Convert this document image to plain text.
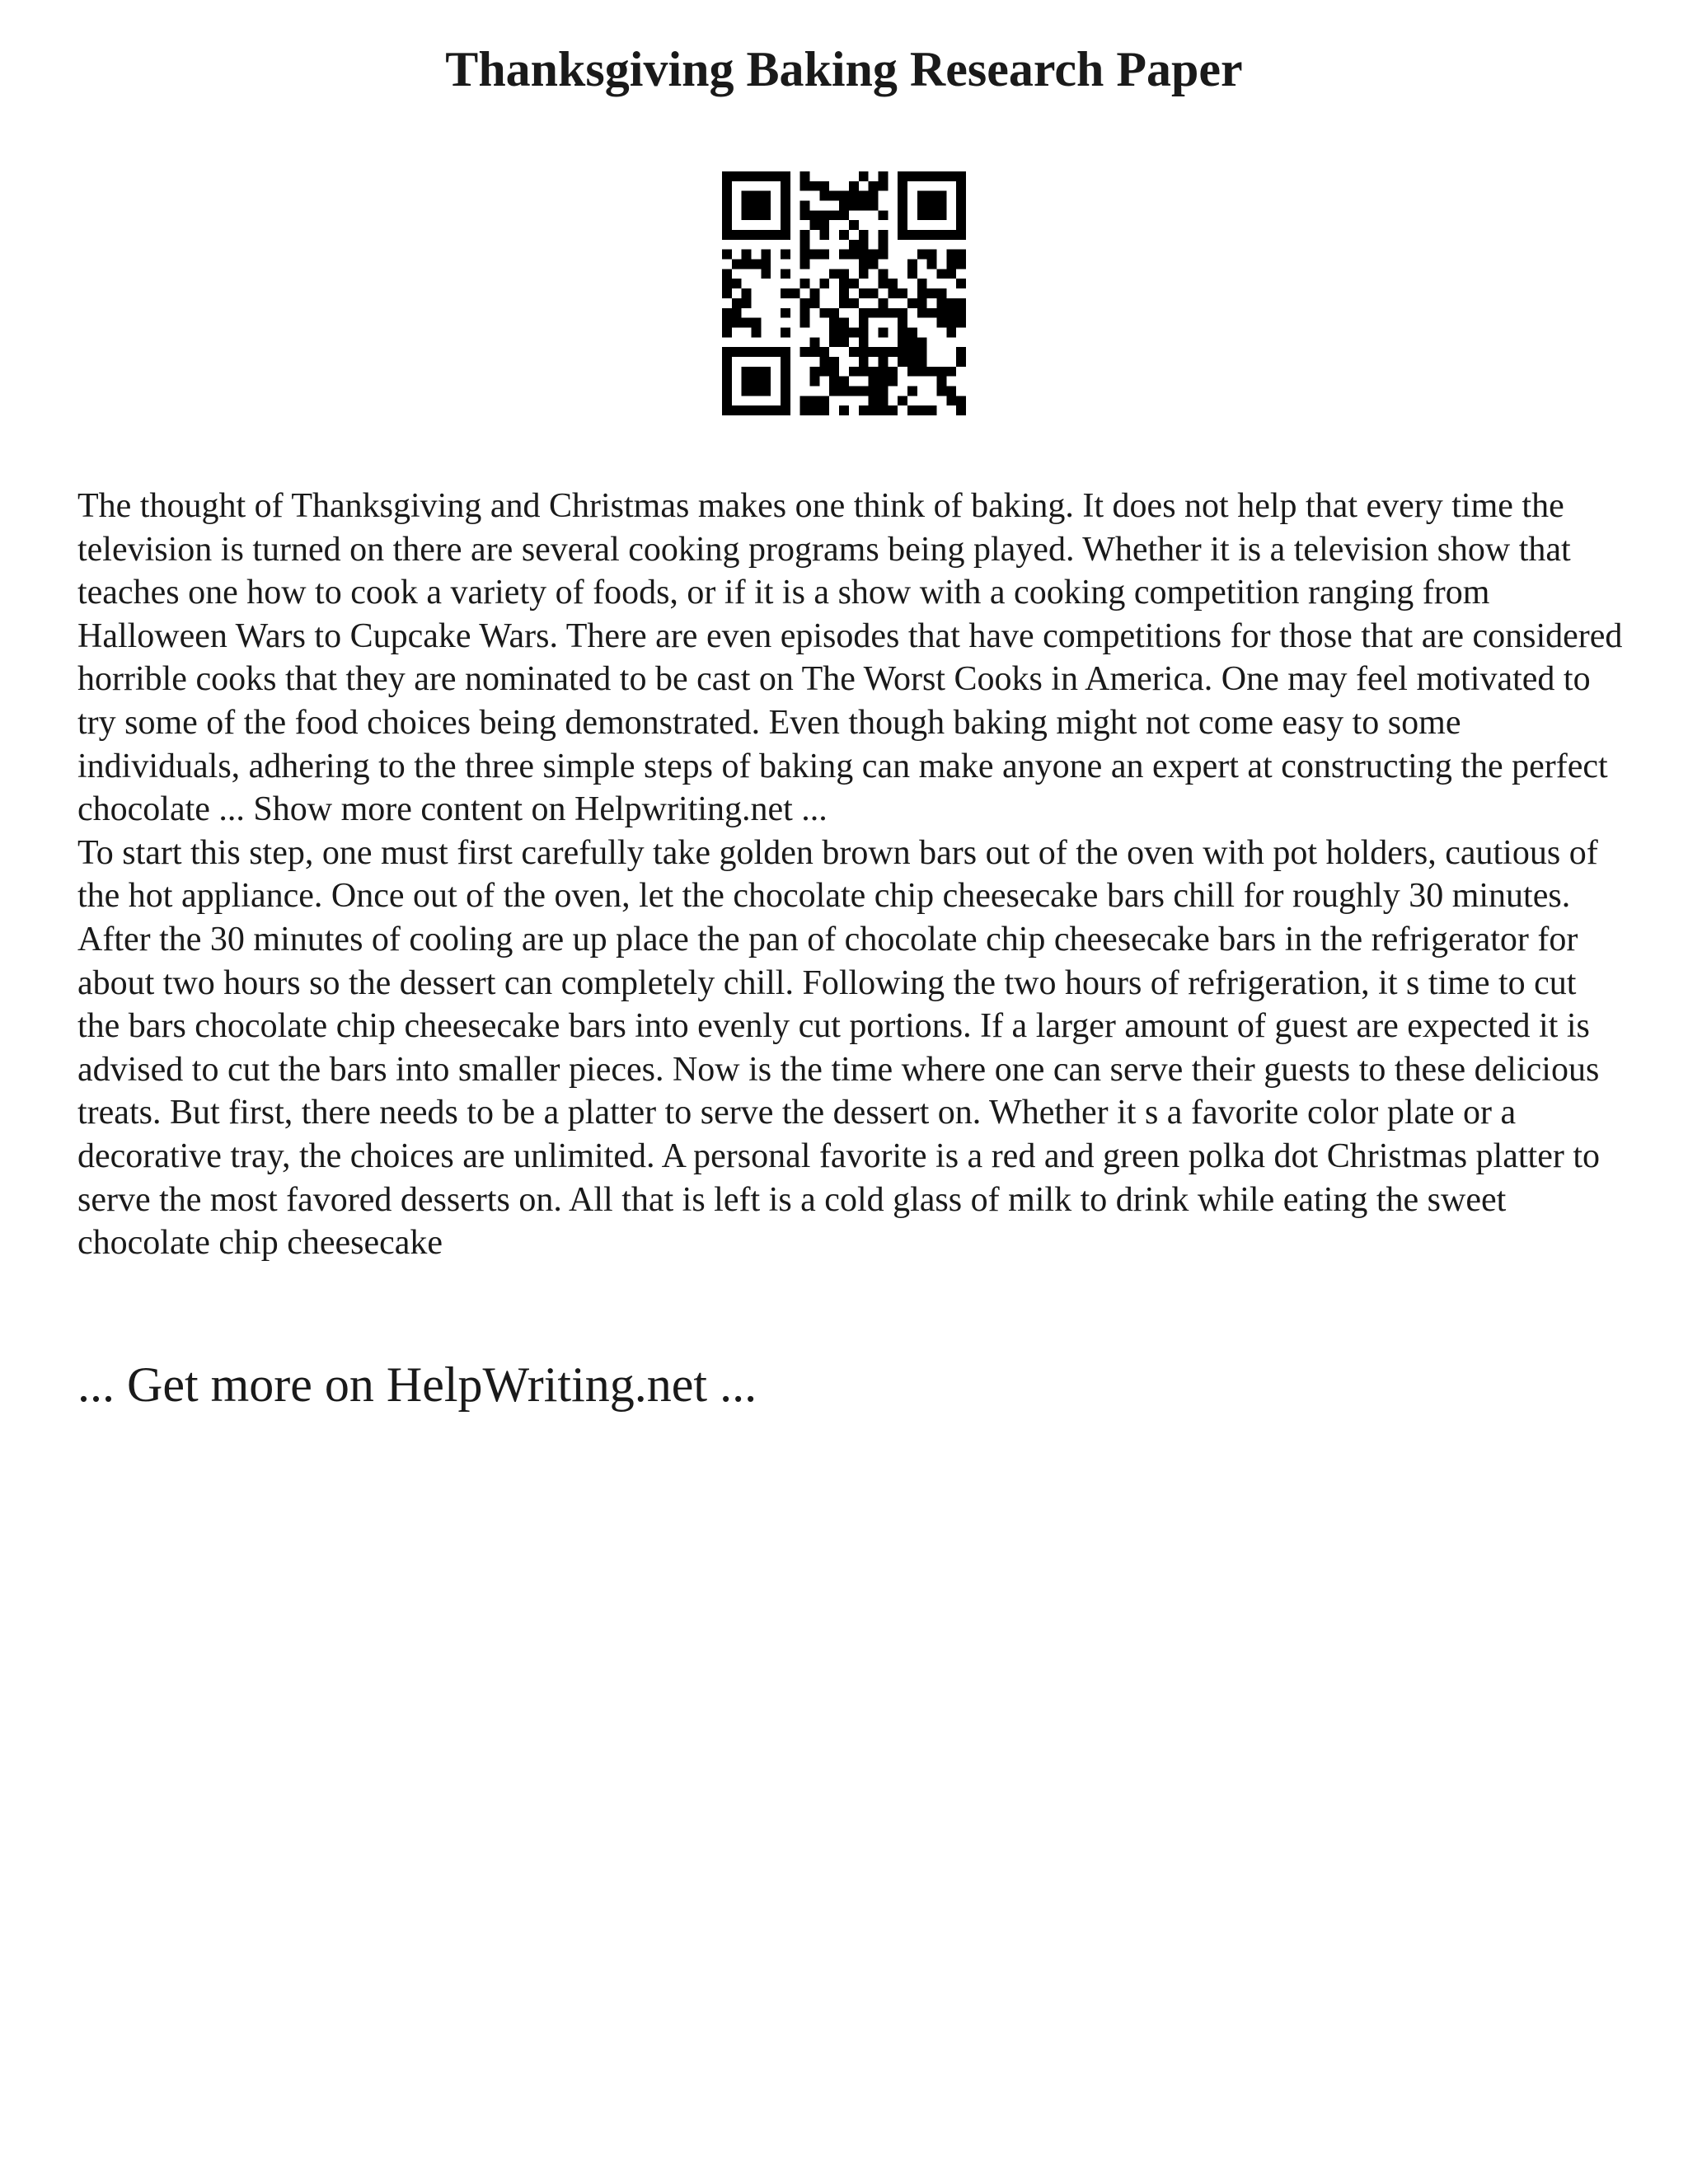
Thanksgiving Baking Research Paper

The thought of Thanksgiving and Christmas makes one think of baking. It does not help that every time the television is turned on there are several cooking programs being played. Whether it is a television show that teaches one how to cook a variety of foods, or if it is a show with a cooking competition ranging from Halloween Wars to Cupcake Wars. There are even episodes that have competitions for those that are considered horrible cooks that they are nominated to be cast on The Worst Cooks in America. One may feel motivated to try some of the food choices being demonstrated. Even though baking might not come easy to some individuals, adhering to the three simple steps of baking can make anyone an expert at constructing the perfect chocolate ... Show more content on Helpwriting.net ...

To start this step, one must first carefully take golden brown bars out of the oven with pot holders, cautious of the hot appliance. Once out of the oven, let the chocolate chip cheesecake bars chill for roughly 30 minutes. After the 30 minutes of cooling are up place the pan of chocolate chip cheesecake bars in the refrigerator for about two hours so the dessert can completely chill. Following the two hours of refrigeration, it s time to cut the bars chocolate chip cheesecake bars into evenly cut portions. If a larger amount of guest are expected it is advised to cut the bars into smaller pieces. Now is the time where one can serve their guests to these delicious treats. But first, there needs to be a platter to serve the dessert on. Whether it s a favorite color plate or a decorative tray, the choices are unlimited. A personal favorite is a red and green polka dot Christmas platter to serve the most favored desserts on. All that is left is a cold glass of milk to drink while eating the sweet chocolate chip cheesecake

... Get more on HelpWriting.net ...
